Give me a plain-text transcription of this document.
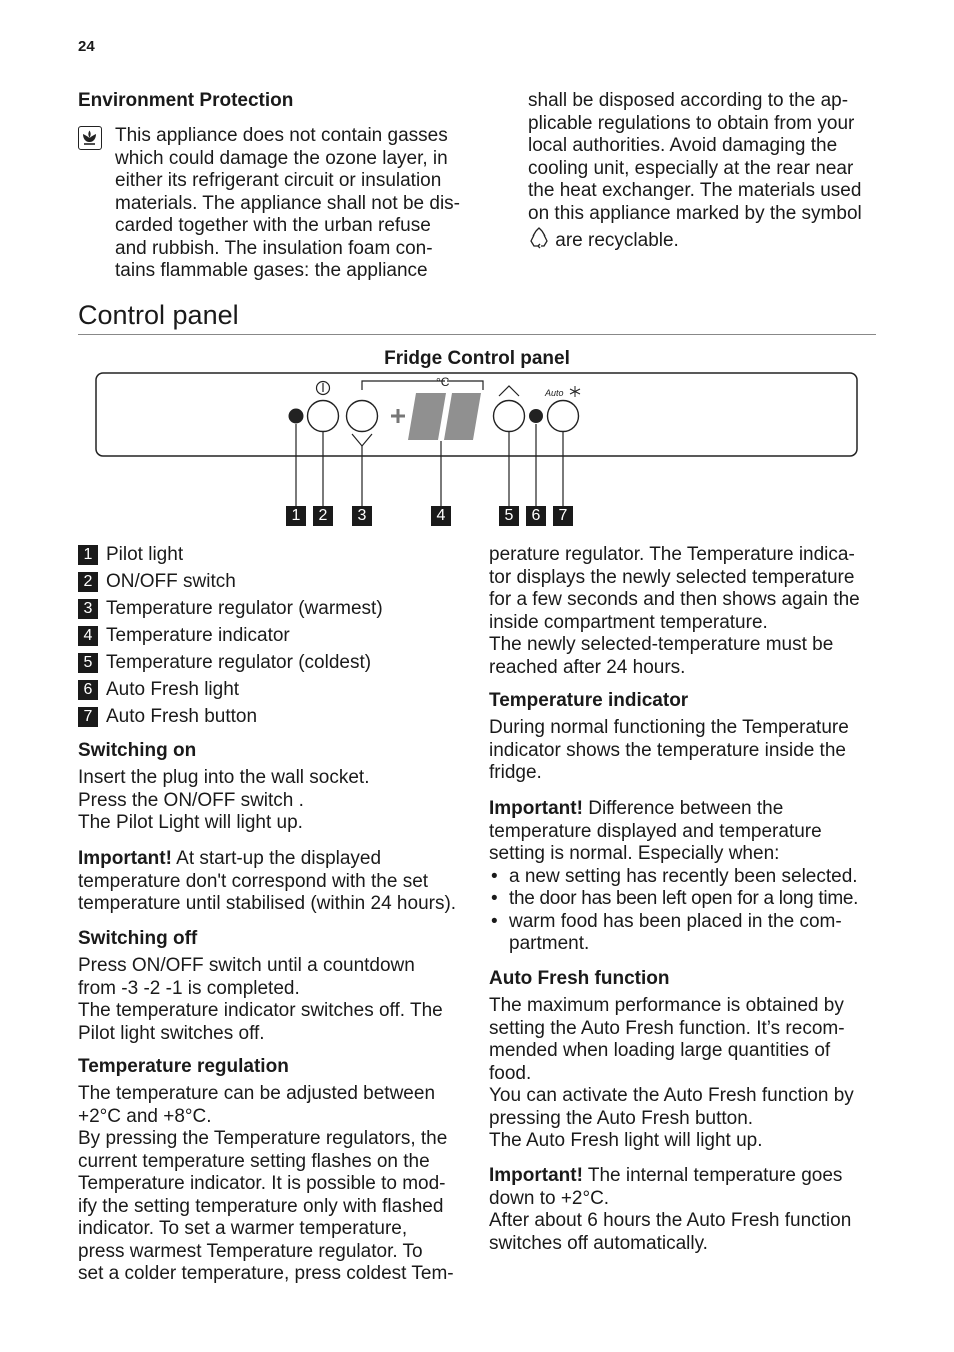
24
Environment Protection
This appliance does not contain gasses
which could damage the ozone layer, in
either its refrigerant circuit or insulation
materials. The appliance shall not be dis-
carded together with the urban refuse
and rubbish. The insulation foam con-
tains flammable gases: the appliance
shall be disposed according to the ap-
plicable regulations to obtain from your
local authorities. Avoid damaging the
cooling unit, especially at the rear near
the heat exchanger. The materials used
on this appliance marked by the symbol
are recyclable.
Control panel
Fridge Control panel
°C
Auto
1	2	3	4	5	6	7
1 Pilot light
2 ON/OFF switch
3 Temperature regulator (warmest)
4 Temperature indicator
5 Temperature regulator (coldest)
6 Auto Fresh light
7 Auto Fresh button
Switching on
Insert the plug into the wall socket.
Press the ON/OFF switch .
The Pilot Light will light up.
Important! At start-up the displayed
temperature don't correspond with the set
temperature until stabilised (within 24 hours).
Switching off
Press ON/OFF switch until a countdown
from -3 -2 -1 is completed.
The temperature indicator switches off. The
Pilot light switches off.
Temperature regulation
The temperature can be adjusted between
+2°C and +8°C.
By pressing the Temperature regulators, the
current temperature setting flashes on the
Temperature indicator. It is possible to mod-
ify the setting temperature only with flashed
indicator. To set a warmer temperature,
press warmest Temperature regulator. To
set a colder temperature, press coldest Tem-
perature regulator. The Temperature indica-
tor displays the newly selected temperature
for a few seconds and then shows again the
inside compartment temperature.
The newly selected-temperature must be
reached after 24 hours.
Temperature indicator
During normal functioning the Temperature
indicator shows the temperature inside the
fridge.
Important! Difference between the
temperature displayed and temperature
setting is normal. Especially when:
• a new setting has recently been selected.
• the door has been left open for a long time.
• warm food has been placed in the com-
partment.
Auto Fresh function
The maximum performance is obtained by
setting the Auto Fresh function. It’s recom-
mended when loading large quantities of
food.
You can activate the Auto Fresh function by
pressing the Auto Fresh button.
The Auto Fresh light will light up.
Important! The internal temperature goes
down to +2°C.
After about 6 hours the Auto Fresh function
switches off automatically.
